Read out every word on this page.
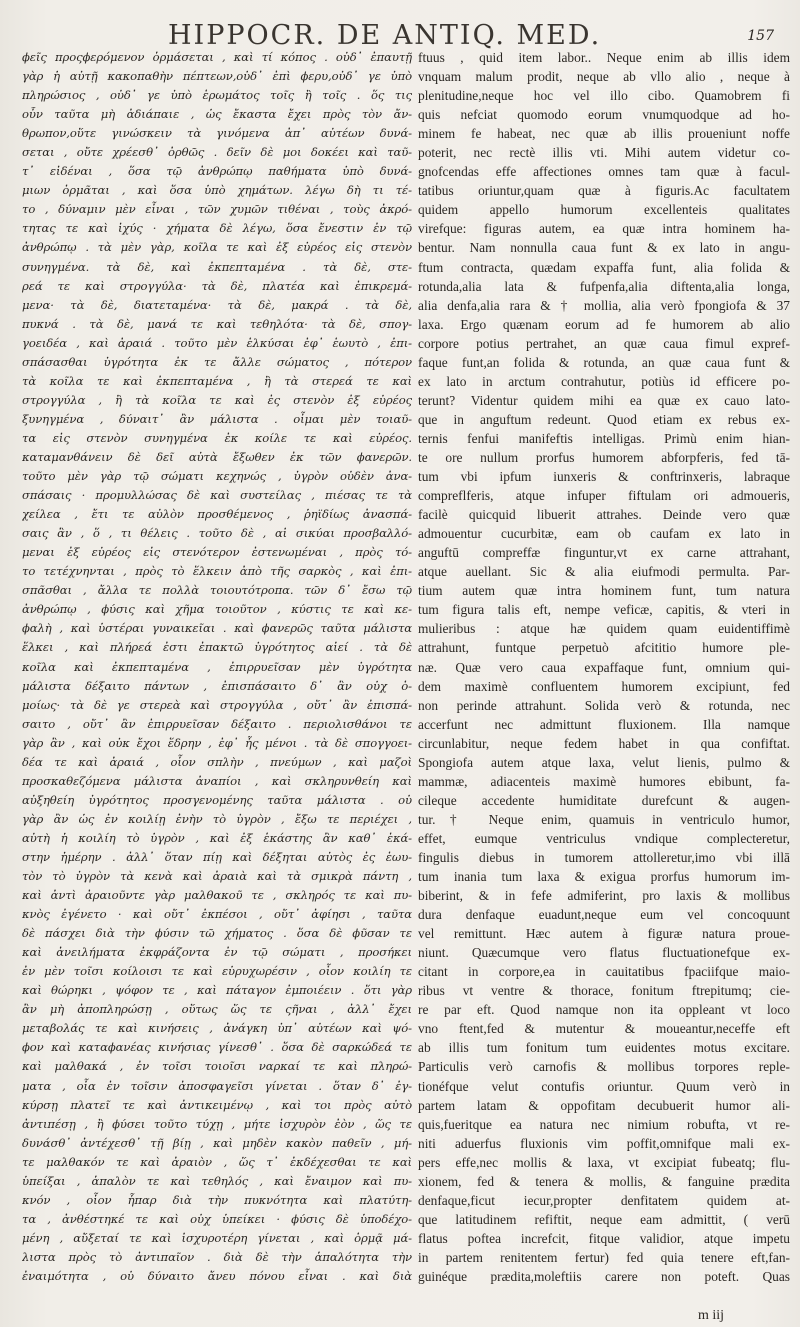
HIPPOCR. DE ANTIQ. MED.	157
ϕεῖς προςϕερόμενον ὁρμάσεται , καὶ τί κόπος . οὐδ᾽ ἐπαυτῇ
γὰρ ἡ αὐτῇ κακοπαθὴν πέπτεων,οὐδ᾽ ἐπὶ ϕερυ,οὐδ᾽ γε ὑπὸ
πληρώσιος , οὐδ᾽ γε ὑπὸ ἑρωμάτος τοῖς ἢ τοῖς . ὅς τις
οὖν ταῦτα μὴ ἀδιάπαιε , ὡς ἔκαστα ἔχει πρὸς τὸν ἄν-
θρωπον,οὕτε γινώσκειν τὰ γινόμενα ἀπ᾽ αὐτέων δυνά-
σεται , οὔτε χρέεσθ᾽ ὀρθῶς . δεῖν δὲ μοι δοκέει καὶ ταῦ-
τ᾽ εἰδέναι , ὅσα τῷ ἀνθρώπῳ παθήματα ὑπὸ δυνά-
μιων ὁρμᾶται , καὶ ὅσα ὑπὸ χημάτων. λέγω δὴ τι τέ-
το , δύναμιν μὲν εἶναι , τῶν χυμῶν τιθέναι , τοὺς ἀκρό-
τητας τε καὶ ἰχύς · χήματα δὲ λέγω, ὅσα ἔνεστιν ἐν τῷ
ἀνθρώπῳ . τὰ μὲν γὰρ, κοῖλα τε καὶ ἐξ εὐρέος εἰς στενὸν
συνηγμένα. τὰ δὲ, καὶ ἐκπεπταμένα . τὰ δὲ, στε-
ρεά τε καὶ στρογγύλα· τὰ δὲ, πλατέα καὶ ἐπικρεμά-
μενα· τὰ δὲ, διατεταμένα· τὰ δὲ, μακρά . τὰ δὲ,
πυκνά . τὰ δὲ, μανά τε καὶ τεθηλότα· τὰ δὲ, σπογ-
γοειδέα , καὶ ἀραιά . τοῦτο μὲν ἑλκύσαι ἐφ᾽ ἑωυτὸ , ἐπι-
σπάσασθαι ὑγρότητα ἐκ τε ἄλλε σώματος , πότερον
τὰ κοῖλα τε καὶ ἐκπεπταμένα , ἢ τὰ στερεά τε καὶ
στρογγύλα , ἢ τὰ κοῖλα τε καὶ ἐς στενὸν ἐξ εὐρέος
ξυνηγμένα , δύναιτ᾽ ἂν μάλιστα . οἶμαι μὲν τοιαῦ-
τα εἰς στενὸν συνηγμένα ἐκ κοίλε τε καὶ εὐρέος.
καταμανθάνειν δὲ δεῖ αὐτὰ ἔξωθεν ἐκ τῶν ϕανερῶν.
τοῦτο μὲν γὰρ τῷ σώματι κεχηνώς , ὑγρὸν οὐδὲν ἀνα-
σπάσαις · προμυλλώσας δὲ καὶ συστείλας , πιέσας τε τὰ
χείλεα , ἔτι τε αὐλὸν προσθέμενος , ῥηϊδίως ἀνασπά-
σαις ἂν , ὅ , τι θέλεις . τοῦτο δὲ , αἱ σικύαι προσβαλλό-
μεναι ἐξ εὐρέος εἰς στενότερον ἐστενωμέναι , πρὸς τό-
το τετέχνηνται , πρὸς τὸ ἕλκειν ἀπὸ τῆς σαρκὸς , καὶ ἐπι-
σπᾶσθαι , ἄλλα τε πολλὰ τοιουτότροπα. τῶν δ᾽ ἔσω τῷ
ἀνθρώπῳ , ϕύσις καὶ χῆμα τοιοῦτον , κύστις τε καὶ κε-
ϕαλὴ , καὶ ὑστέραι γυναικεῖαι . καὶ ϕανερῶς ταῦτα μάλιστα
ἕλκει , καὶ πλήρεά ἐστι ἐπακτῶ ὑγρότητος αἰεί . τὰ δὲ
κοῖλα καὶ ἐκπεπταμένα , ἐπιρρυεῖσαν μὲν ὑγρότητα
μάλιστα δέξαιτο πάντων , ἐπισπάσαιτο δ᾽ ἂν οὐχ ὁ-
μοίως· τὰ δὲ γε στερεὰ καὶ στρογγύλα , οὔτ᾽ ἂν ἐπισπά-
σαιτο , οὔτ᾽ ἂν ἐπιρρυεῖσαν δέξαιτο . περιολισθάνοι τε
γὰρ ἂν , καὶ οὐκ ἔχοι ἕδρην , ἐφ᾽ ἧς μένοι . τὰ δὲ σπογγοει-
δέα τε καὶ ἀραιά , οἷον σπλὴν , πνεύμων , καὶ μαζοὶ
προσκαθεζόμενα μάλιστα ἀναπίοι , καὶ σκληρυνθείη καὶ
αὐξηθείη ὑγρότητος προσγενομένης ταῦτα μάλιστα . οὐ
γὰρ ἂν ὡς ἐν κοιλίῃ ἐνὴν τὸ ὑγρὸν , ἔξω τε περιέχει ,
αὐτὴ ἡ κοιλίη τὸ ὑγρὸν , καὶ ἐξ ἑκάστης ἂν καθ᾽ ἑκά-
στην ἡμέρην . ἀλλ᾽ ὅταν πίῃ καὶ δέξηται αὐτὸς ἐς ἑωυ-
τὸν τὸ ὑγρὸν τὰ κενὰ καὶ ἀραιὰ καὶ τὰ σμικρὰ πάντη ,
καὶ ἀντὶ ἀραιοῦντε γὰρ μαλθακοῦ τε , σκληρός τε καὶ πυ-
κνὸς ἐγένετο · καὶ οὔτ᾽ ἐκπέσοι , οὔτ᾽ ἀφίησι , ταῦτα
δὲ πάσχει διὰ τὴν ϕύσιν τῶ χήματος . ὅσα δὲ ϕῦσαν τε
καὶ ἀνειλήματα ἐκφράζοντα ἐν τῷ σώματι , προσήκει
ἐν μὲν τοῖσι κοίλοισι τε καὶ εὐρυχωρέσιν , οἷον κοιλίη τε
καὶ θώρηκι , ψόφον τε , καὶ πάταγον ἐμποιέειν . ὅτι γὰρ
ἂν μὴ ἀποπληρώσῃ , οὕτως ὥς τε ςῆναι , ἀλλ᾽ ἔχει
μεταβολάς τε καὶ κινήσεις , ἀνάγκη ὑπ᾽ αὐτέων καὶ ψό-
ϕον καὶ καταϕανέας κινήσιας γίνεσθ᾽ . ὅσα δὲ σαρκώδεά τε
καὶ μαλθακά , ἐν τοῖσι τοιοῖσι ναρκαί τε καὶ πληρώ-
ματα , οἷα ἐν τοῖσιν ἀποσφαγεῖσι γίνεται . ὅταν δ᾽ ἐγ-
κύρσῃ πλατεῖ τε καὶ ἀντικειμένῳ , καὶ τοι πρὸς αὐτὸ
ἀντιπέσῃ , ἢ ϕύσει τοῦτο τύχῃ , μήτε ἰσχυρὸν ἐὸν , ὥς τε
δυνάσθ᾽ ἀντέχεσθ᾽ τῇ βίῃ , καὶ μηδὲν κακὸν παθεῖν , μή-
τε μαλθακόν τε καὶ ἀραιὸν , ὥς τ᾽ ἐκδέχεσθαι τε καὶ
ὑπείξαι , ἁπαλὸν τε καὶ τεθηλός , καὶ ἔναιμον καὶ πυ-
κνόν , οἷον ἧπαρ διὰ τὴν πυκνότητα καὶ πλατύτη-
τα , ἀνθέστηκέ τε καὶ οὐχ ὑπείκει · ϕύσις δὲ ὑποδέχο-
μένη , αὔξεταί τε καὶ ἰσχυροτέρη γίνεται , καὶ ὁρμᾷ μά-
λιστα πρὸς τὸ ἀντιπαῖον . διὰ δὲ τὴν ἁπαλότητα τὴν
ἐναιμότητα , οὐ δύναιτο ἄνευ πόνου εἶναι . καὶ διὰ
ftuus , quid item labor.. Neque enim ab illis idem
vnquam malum prodit, neque ab vllo alio , neque à
plenitudine,neque hoc vel illo cibo. Quamobrem fi
quis nefciat quomodo eorum vnumquodque ad ho-
minem fe habeat, nec quæ ab illis proueniunt noffe
poterit, nec rectè illis vti. Mihi autem videtur co-
gnofcendas effe affectiones omnes tam quæ à facul-
tatibus oriuntur,quam quæ à figuris.Ac facultatem
quidem appello humorum excellenteis qualitates
virefque: figuras autem, ea quæ intra hominem ha-
bentur. Nam nonnulla caua funt & ex lato in angu-
ftum contracta, quædam expaffa funt, alia folida &
rotunda,alia lata & fufpenfa,alia diftenta,alia longa,
alia denfa,alia rara & † mollia, alia verò fpongiofa & 37
laxa. Ergo quænam eorum ad fe humorem ab alio
corpore potius pertrahet, an quæ caua fimul expref-
faque funt,an folida & rotunda, an quæ caua funt &
ex lato in arctum contrahutur, potiùs id efficere po-
terunt? Videntur quidem mihi ea quæ ex cauo lato-
que in anguftum redeunt. Quod etiam ex rebus ex-
ternis fenfui manifeftis intelligas. Primù enim hian-
te ore nullum prorfus humorem abforpferis, fed tā-
tum vbi ipfum iunxeris & conftrinxeris, labraque
compreflferis, atque infuper fiftulam ori admoueris,
facilè quicquid libuerit attrahes. Deinde vero quæ
admouentur cucurbitæ, eam ob caufam ex lato in
anguftū compreffæ finguntur,vt ex carne attrahant,
atque auellant. Sic & alia eiufmodi permulta. Par-
tium autem quæ intra hominem funt, tum natura
tum figura talis eft, nempe veficæ, capitis, & vteri in
mulieribus : atque hæ quidem quam euidentiffimè
attrahunt, funtque perpetuò afcititio humore ple-
næ. Quæ vero caua expaffaque funt, omnium qui-
dem maximè confluentem humorem excipiunt, fed
non perinde attrahunt. Solida verò & rotunda, nec
accerfunt nec admittunt fluxionem. Illa namque
circunlabitur, neque fedem habet in qua confiftat.
Spongiofa autem atque laxa, velut lienis, pulmo &
mammæ, adiacenteis maximè humores ebibunt, fa-
cileque accedente humiditate durefcunt & augen-
tur.† Neque enim, quamuis in ventriculo humor,
effet, eumque ventriculus vndique complecteretur,
fingulis diebus in tumorem attolleretur,imo vbi illā
tum inania tum laxa & exigua prorfus humorum im-
biberint, & in fefe admiferint, pro laxis & mollibus
dura denfaque euadunt,neque eum vel concoquunt
vel remittunt. Hæc autem à figuræ natura proue-
niunt. Quæcumque vero flatus fluctuationefque ex-
citant in corpore,ea in cauitatibus fpaciifque maio-
ribus vt ventre & thorace, fonitum ftrepitumq; cie-
re par eft. Quod namque non ita oppleant vt loco
vno ftent,fed & mutentur & moueantur,neceffe eft
ab illis tum fonitum tum euidentes motus excitare.
Particulis verò carnofis & mollibus torpores reple-
tionéfque velut contufis oriuntur. Quum verò in
partem latam & oppofitam decubuerit humor ali-
quis,fueritque ea natura nec nimium robufta, vt re-
niti aduerfus fluxionis vim poffit,omnifque mali ex-
pers effe,nec mollis & laxa, vt excipiat fubeatq; flu-
xionem, fed & tenera & mollis, & fanguine prædita
denfaque,ficut iecur,propter denfitatem quidem at-
que latitudinem refiftit, neque eam admittit, ( verū
flatus poftea increfcit, fitque validior, atque impetu
in partem renitentem fertur) fed quia tenere eft,fan-
guinéque prædita,moleftiis carere non poteft. Quas
m iij
